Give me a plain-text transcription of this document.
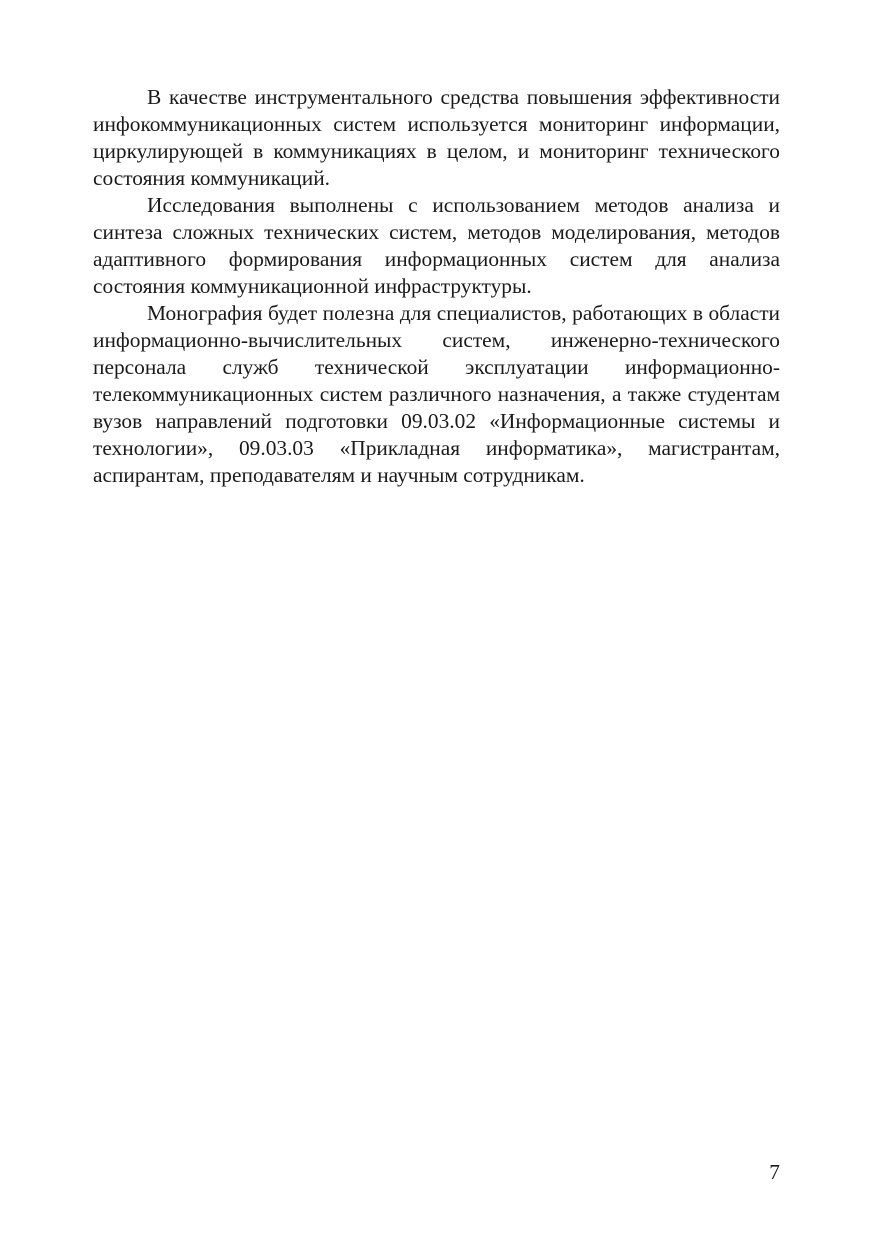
В качестве инструментального средства повышения эффективности инфокоммуникационных систем используется мониторинг информации, циркулирующей в коммуникациях в целом, и мониторинг технического состояния коммуникаций.

Исследования выполнены с использованием методов анализа и синтеза сложных технических систем, методов моделирования, методов адаптивного формирования информационных систем для анализа состояния коммуникационной инфраструктуры.

Монография будет полезна для специалистов, работающих в области информационно-вычислительных систем, инженерно-технического персонала служб технической эксплуатации информационно-телекоммуникационных систем различного назначения, а также студентам вузов направлений подготовки 09.03.02 «Информационные системы и технологии», 09.03.03 «Прикладная информатика», магистрантам, аспирантам, преподавателям и научным сотрудникам.

7
